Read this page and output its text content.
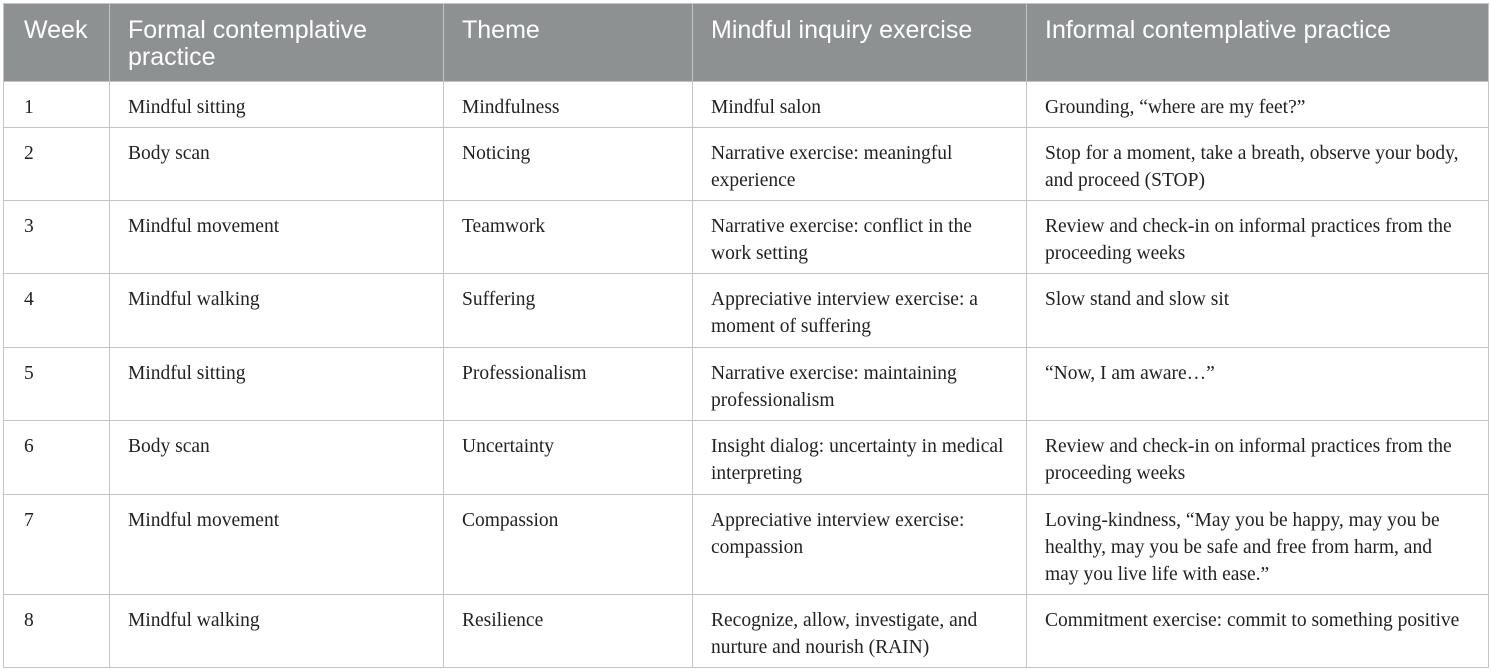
Week	Formal contemplative practice	Theme	Mindful inquiry exercise	Informal contemplative practice
1	Mindful sitting	Mindfulness	Mindful salon	Grounding, “where are my feet?”
2	Body scan	Noticing	Narrative exercise: meaningful experience	Stop for a moment, take a breath, observe your body, and proceed (STOP)
3	Mindful movement	Teamwork	Narrative exercise: conflict in the work setting	Review and check-in on informal practices from the proceeding weeks
4	Mindful walking	Suffering	Appreciative interview exercise: a moment of suffering	Slow stand and slow sit
5	Mindful sitting	Professionalism	Narrative exercise: maintaining professionalism	“Now, I am aware…”
6	Body scan	Uncertainty	Insight dialog: uncertainty in medical interpreting	Review and check-in on informal practices from the proceeding weeks
7	Mindful movement	Compassion	Appreciative interview exercise: compassion	Loving-kindness, “May you be happy, may you be healthy, may you be safe and free from harm, and may you live life with ease.”
8	Mindful walking	Resilience	Recognize, allow, investigate, and nurture and nourish (RAIN)	Commitment exercise: commit to something positive
